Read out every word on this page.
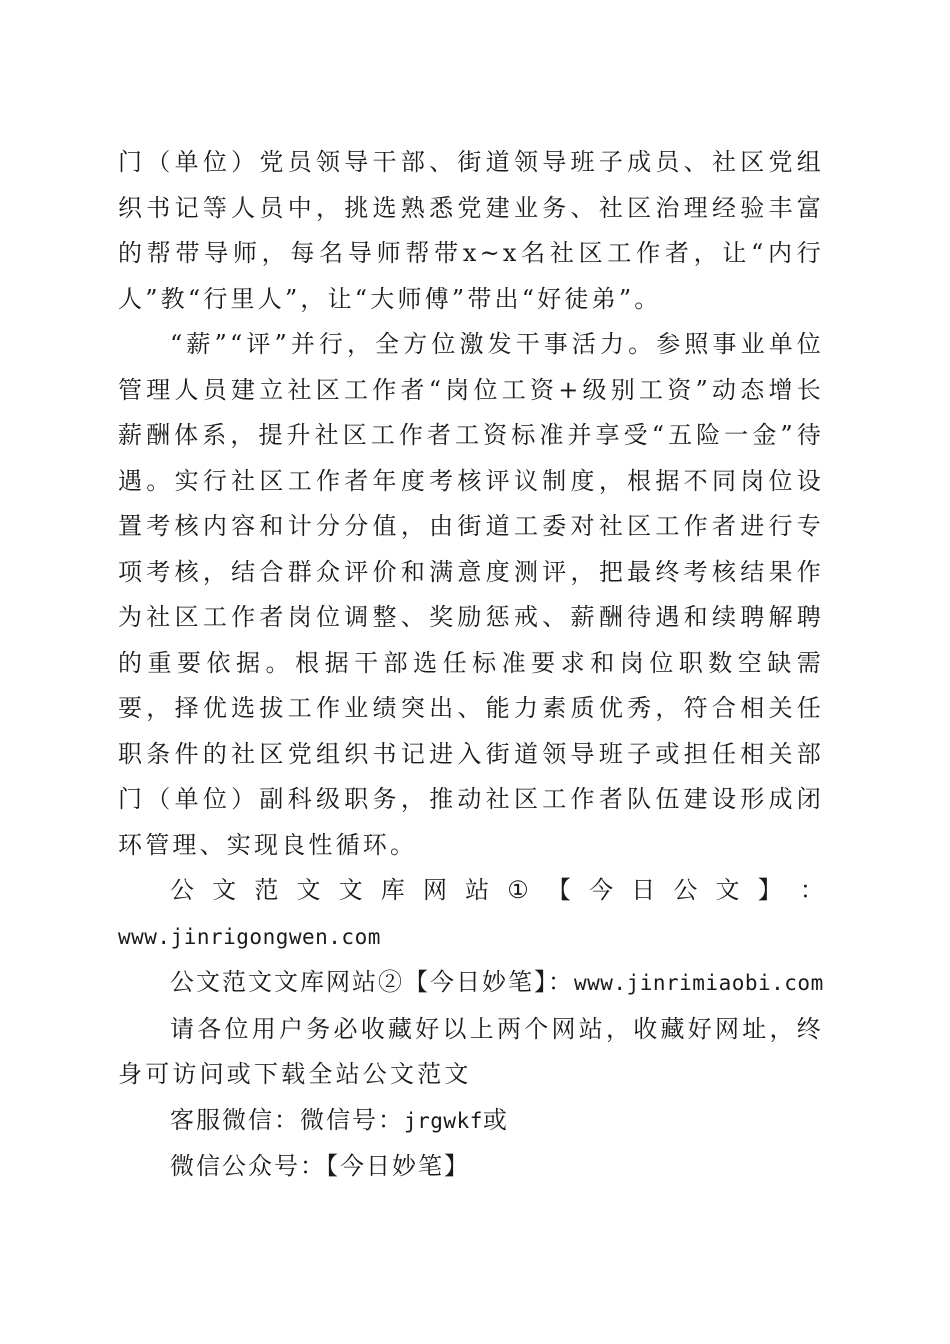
门（单位）党员领导干部、街道领导班子成员、社区党组织书记等人员中，挑选熟悉党建业务、社区治理经验丰富的帮带导师，每名导师帮带x~x名社区工作者，让“内行人”教“行里人”，让“大师傅”带出“好徒弟”。

“薪”“评”并行，全方位激发干事活力。参照事业单位管理人员建立社区工作者“岗位工资+级别工资”动态增长薪酬体系，提升社区工作者工资标准并享受“五险一金”待遇。实行社区工作者年度考核评议制度，根据不同岗位设置考核内容和计分分值，由街道工委对社区工作者进行专项考核，结合群众评价和满意度测评，把最终考核结果作为社区工作者岗位调整、奖励惩戒、薪酬待遇和续聘解聘的重要依据。根据干部选任标准要求和岗位职数空缺需要，择优选拔工作业绩突出、能力素质优秀，符合相关任职条件的社区党组织书记进入街道领导班子或担任相关部门（单位）副科级职务，推动社区工作者队伍建设形成闭环管理、实现良性循环。

公 文 范 文 文 库 网 站 ① 【 今 日 公 文 】 ：

www.jinrigongwen.com

公文范文文库网站②【今日妙笔】：www.jinrimiaobi.com

请各位用户务必收藏好以上两个网站，收藏好网址，终身可访问或下载全站公文范文

客服微信：微信号：jrgwkf或

微信公众号：【今日妙笔】
